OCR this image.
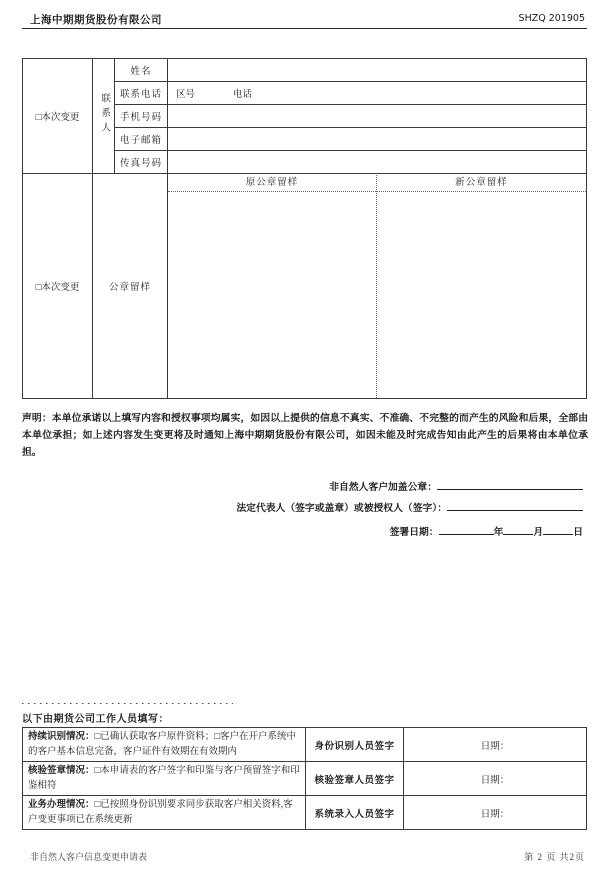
上海中期期货股份有限公司	SHZQ 201905
□本次变更	联系人	姓名	
		联系电话	区号 电话
		手机号码	
		电子邮箱	
		传真号码	
□本次变更	公章留样		原公章留样 新公章留样

声明：本单位承诺以上填写内容和授权事项均属实，如因以上提供的信息不真实、不准确、不完整的而产生的风险和后果，全部由本单位承担；如上述内容发生变更将及时通知上海中期期货股份有限公司，如因未能及时完成告知由此产生的后果将由本单位承担。

非自然人客户加盖公章：
法定代表人（签字或盖章）或被授权人（签字）：
签署日期：	年	月	日
以下由期货公司工作人员填写：
持续识别情况：□已确认获取客户原件资料；□客户在开户系统中的客户基本信息完备，客户证件有效期在有效期内	身份识别人员签字	日期：
核验签章情况：□本申请表的客户签字和印鉴与客户预留签字和印鉴相符	核验签章人员签字	日期：
业务办理情况：□已按照身份识别要求同步获取客户相关资料,客户变更事项已在系统更新	系统录入人员签字	日期：
非自然人客户信息变更申请表	第 2 页 共2页
